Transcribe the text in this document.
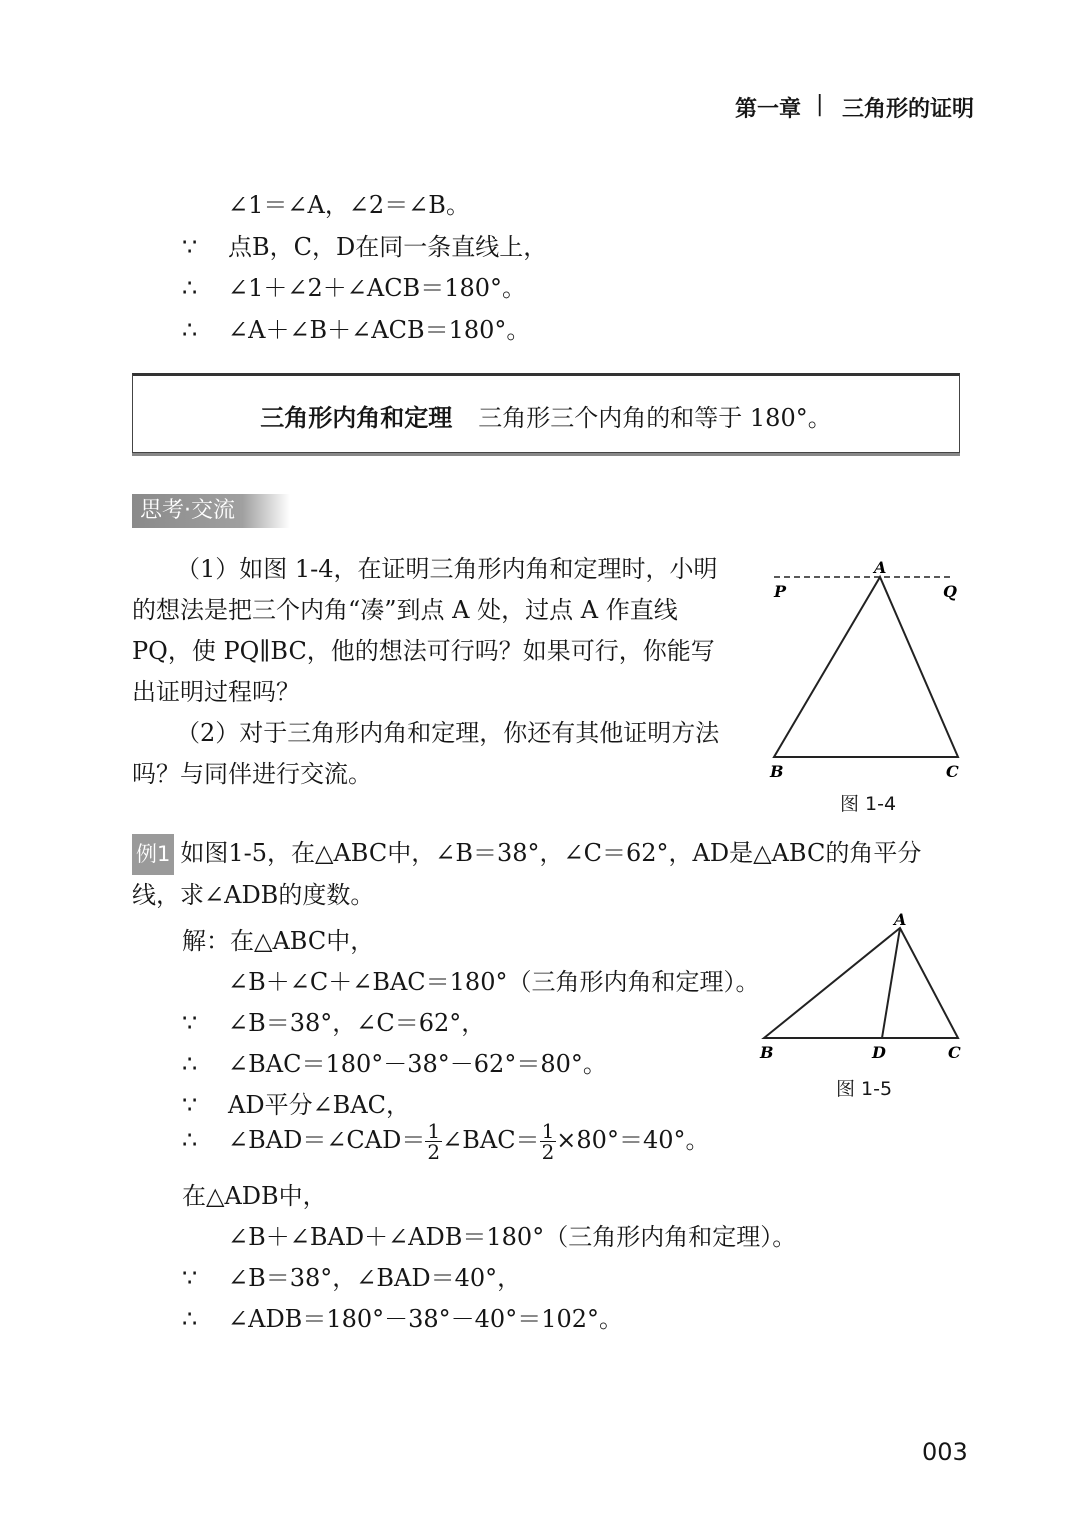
第一章 | 三角形的证明
∠1＝∠A，∠2＝∠B。
∵ 点B，C，D在同一条直线上，
∴ ∠1＋∠2＋∠ACB＝180°。
∴ ∠A＋∠B＋∠ACB＝180°。
三角形内角和定理 三角形三个内角的和等于 180°。
思考·交流
（1）如图 1-4，在证明三角形内角和定理时，小明的想法是把三个内角“凑”到点 A 处，过点 A 作直线 PQ，使 PQ∥BC，他的想法可行吗？如果可行，你能写出证明过程吗？
（2）对于三角形内角和定理，你还有其他证明方法吗？与同伴进行交流。
A
P	Q
B	C
图 1-4
例1 如图1-5，在△ABC中，∠B＝38°，∠C＝62°，AD是△ABC的角平分线，求∠ADB的度数。
解：在△ABC中，
∠B＋∠C＋∠BAC＝180°（三角形内角和定理）。
∵ ∠B＝38°，∠C＝62°，
∴ ∠BAC＝180°－38°－62°＝80°。
∵ AD平分∠BAC，
∴ ∠BAD＝∠CAD＝ $\frac{1}{2}$ ∠BAC＝ $\frac{1}{2} \times 80^\circ=40^\circ$。
在△ADB中，
∠B＋∠BAD＋∠ADB＝180°（三角形内角和定理）。
∵ ∠B＝38°，∠BAD＝40°，
∴ ∠ADB＝180°－38°－40°＝102°。
A
B	D	C
图 1-5
003
